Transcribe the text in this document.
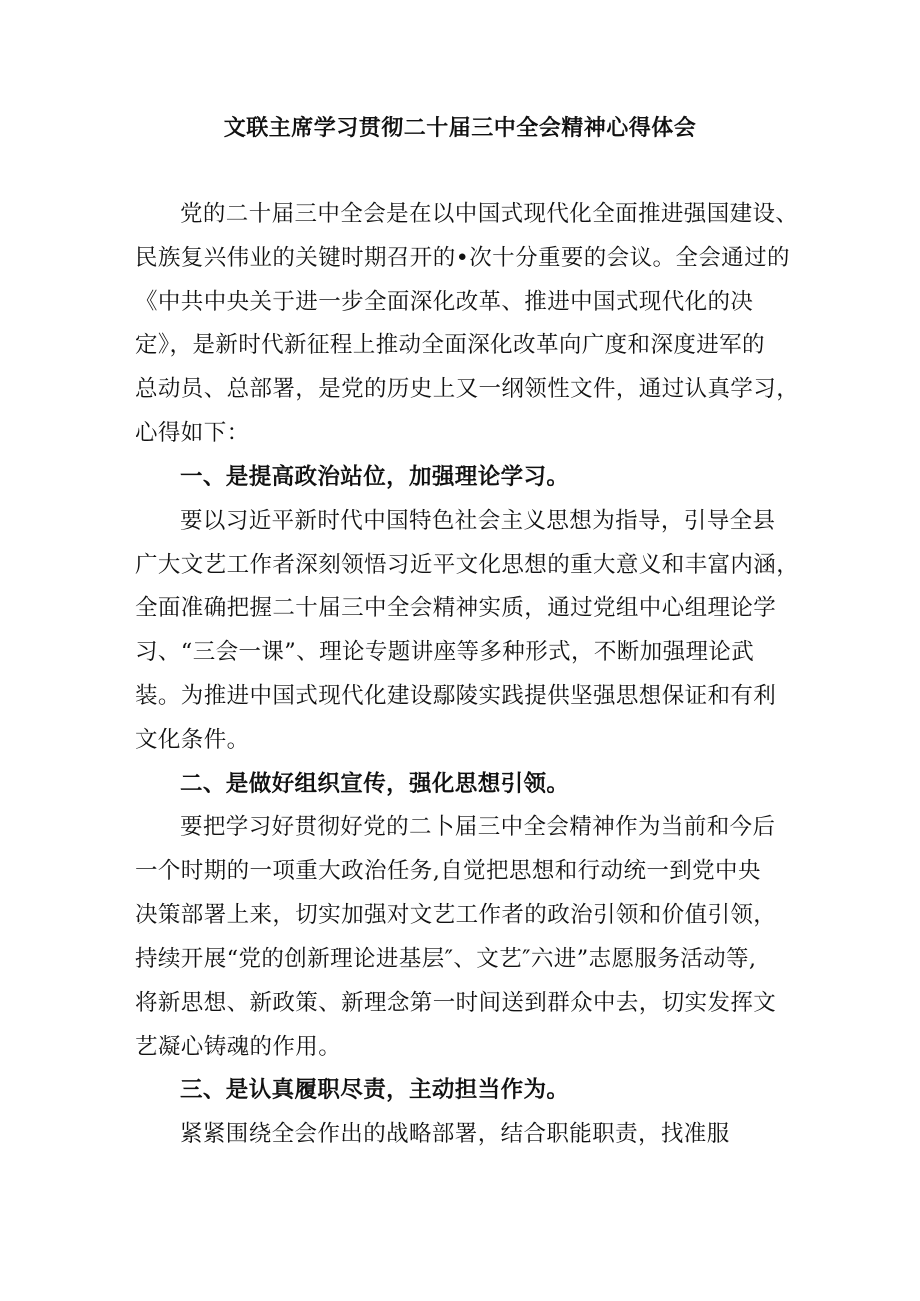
文联主席学习贯彻二十届三中全会精神心得体会
党的二十届三中全会是在以中国式现代化全面推进强国建设、
民族复兴伟业的关键时期召开的•次十分重要的会议。全会通过的
《中共中央关于进一步全面深化改革、推进中国式现代化的决
定》，是新时代新征程上推动全面深化改革向广度和深度进军的
总动员、总部署，是党的历史上又一纲领性文件，通过认真学习，
心得如下：
一、是提高政治站位，加强理论学习。
要以习近平新时代中国特色社会主义思想为指导，引导全县
广大文艺工作者深刻领悟习近平文化思想的重大意义和丰富内涵，
全面准确把握二十届三中全会精神实质，通过党组中心组理论学
习、“三会一课”、理论专题讲座等多种形式，不断加强理论武
装。为推进中国式现代化建设鄢陵实践提供坚强思想保证和有利
文化条件。
二、是做好组织宣传，强化思想引领。
要把学习好贯彻好党的二卜届三中全会精神作为当前和今后
一个时期的一项重大政治任务,自觉把思想和行动统一到党中央
决策部署上来，切实加强对文艺工作者的政治引领和价值引领，
持续开展“党的创新理论进基层″、文艺″六进”志愿服务活动等,
将新思想、新政策、新理念第一时间送到群众中去，切实发挥文
艺凝心铸魂的作用。
三、是认真履职尽责，主动担当作为。
紧紧围绕全会作出的战略部署，结合职能职责，找准服
